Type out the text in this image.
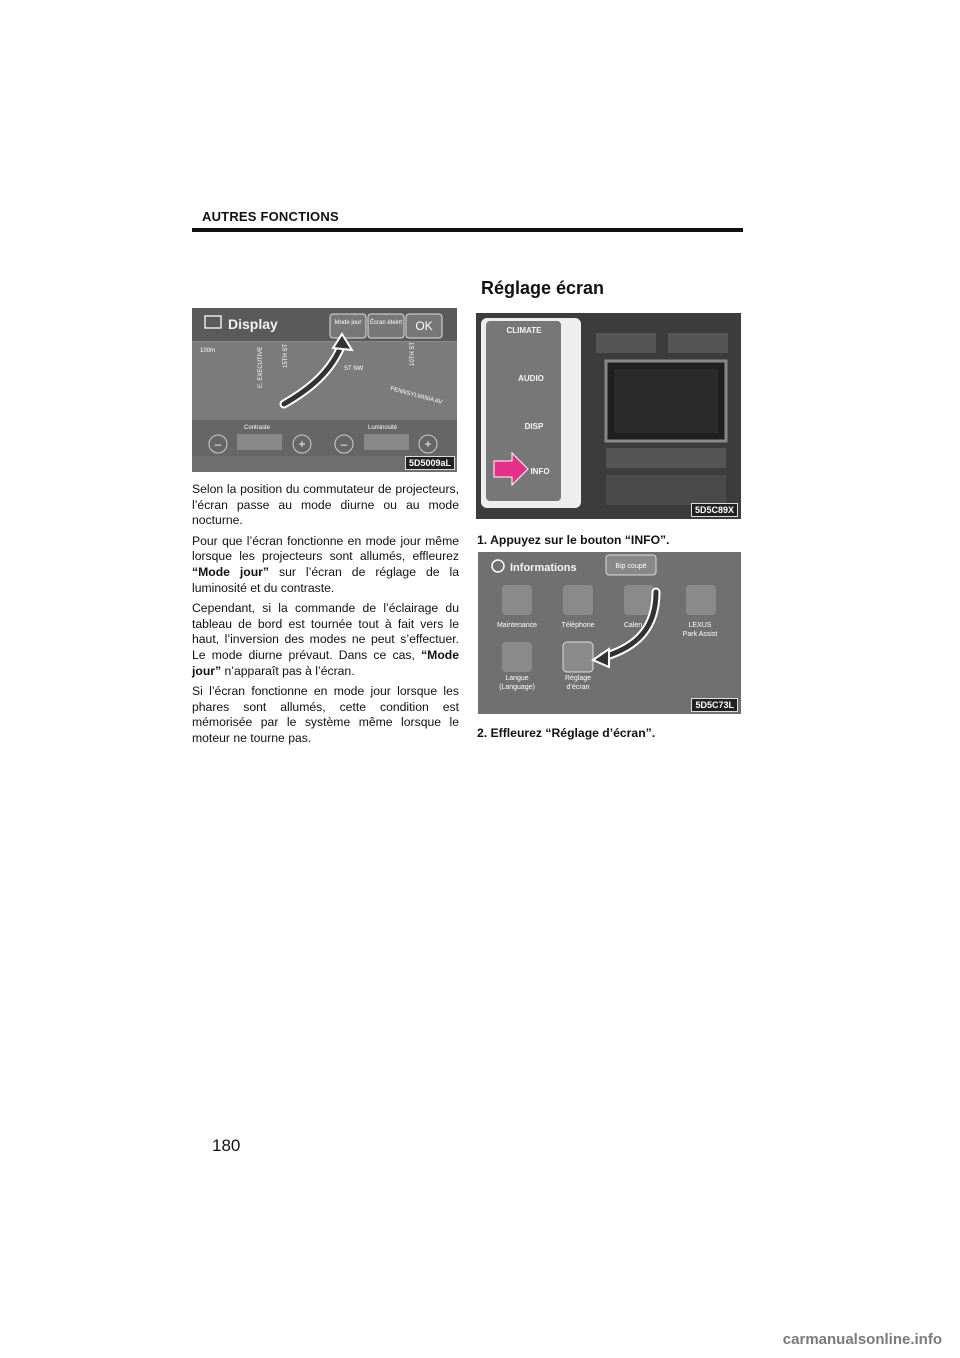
AUTRES FONCTIONS
Réglage écran
Display	Mode jour Écran éteint OK
100m	E. EXECUTIVE	15TH ST
ST NW
10TH ST
PENNSYLVANIA AV
Contraste	Luminosité
–	+	–	+
5D5009aL

Selon la position du commutateur de projecteurs, l’écran passe au mode diurne ou au mode nocturne.

Pour que l’écran fonctionne en mode jour même lorsque les projecteurs sont allumés, effleurez “Mode jour” sur l’écran de réglage de la luminosité et du contraste.

Cependant, si la commande de l’éclairage du tableau de bord est tournée tout à fait vers le haut, l’inversion des modes ne peut s’effectuer. Le mode diurne prévaut. Dans ce cas, “Mode jour” n’apparaît pas à l’écran.

Si l’écran fonctionne en mode jour lorsque les phares sont allumés, cette condition est mémorisée par le système même lorsque le moteur ne tourne pas.

CLIMATE
AUDIO
DISP
INFO
5D5C89X
1. Appuyez sur le bouton “INFO”.
Informations	Bip coupé
Maintenance	Téléphone	Calen	LEXUS
Park Assist
Langue
(Language)
Réglage
d’écran
5D5C73L
2. Effleurez “Réglage d’écran”.
180
carmanualsonline.info
